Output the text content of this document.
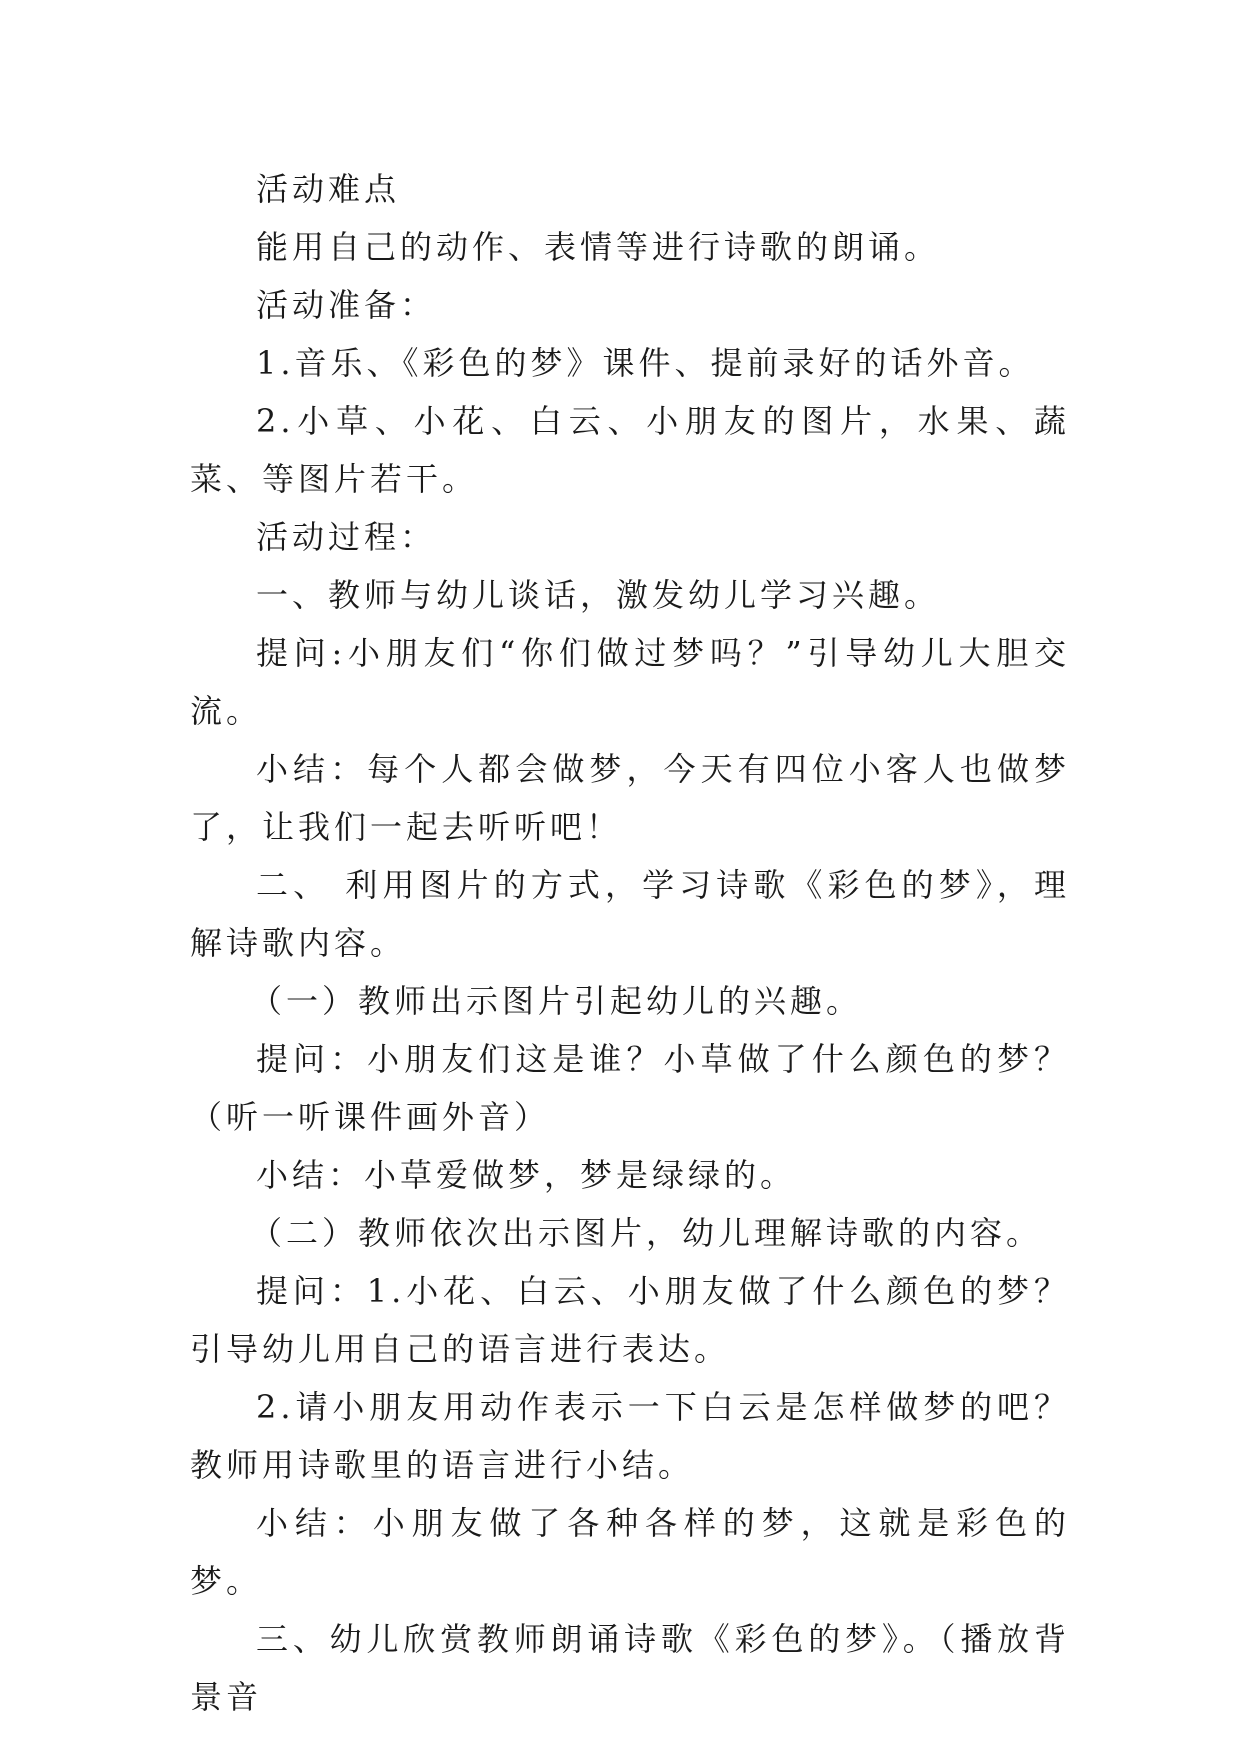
活动难点

能用自己的动作、表情等进行诗歌的朗诵。

活动准备：

1.音乐、《彩色的梦》课件、提前录好的话外音。

2.小草、小花、白云、小朋友的图片，水果、蔬菜、等图片若干。

活动过程：

一、教师与幼儿谈话，激发幼儿学习兴趣。

提问:小朋友们“你们做过梦吗？”引导幼儿大胆交流。

小结：每个人都会做梦，今天有四位小客人也做梦了，让我们一起去听听吧！

二、 利用图片的方式，学习诗歌《彩色的梦》，理解诗歌内容。

（一）教师出示图片引起幼儿的兴趣。

提问：小朋友们这是谁？小草做了什么颜色的梦？（听一听课件画外音）

小结：小草爱做梦，梦是绿绿的。

（二）教师依次出示图片，幼儿理解诗歌的内容。

提问：1.小花、白云、小朋友做了什么颜色的梦？引导幼儿用自己的语言进行表达。

2.请小朋友用动作表示一下白云是怎样做梦的吧？教师用诗歌里的语言进行小结。

小结：小朋友做了各种各样的梦，这就是彩色的梦。

三、幼儿欣赏教师朗诵诗歌《彩色的梦》。（播放背景音
